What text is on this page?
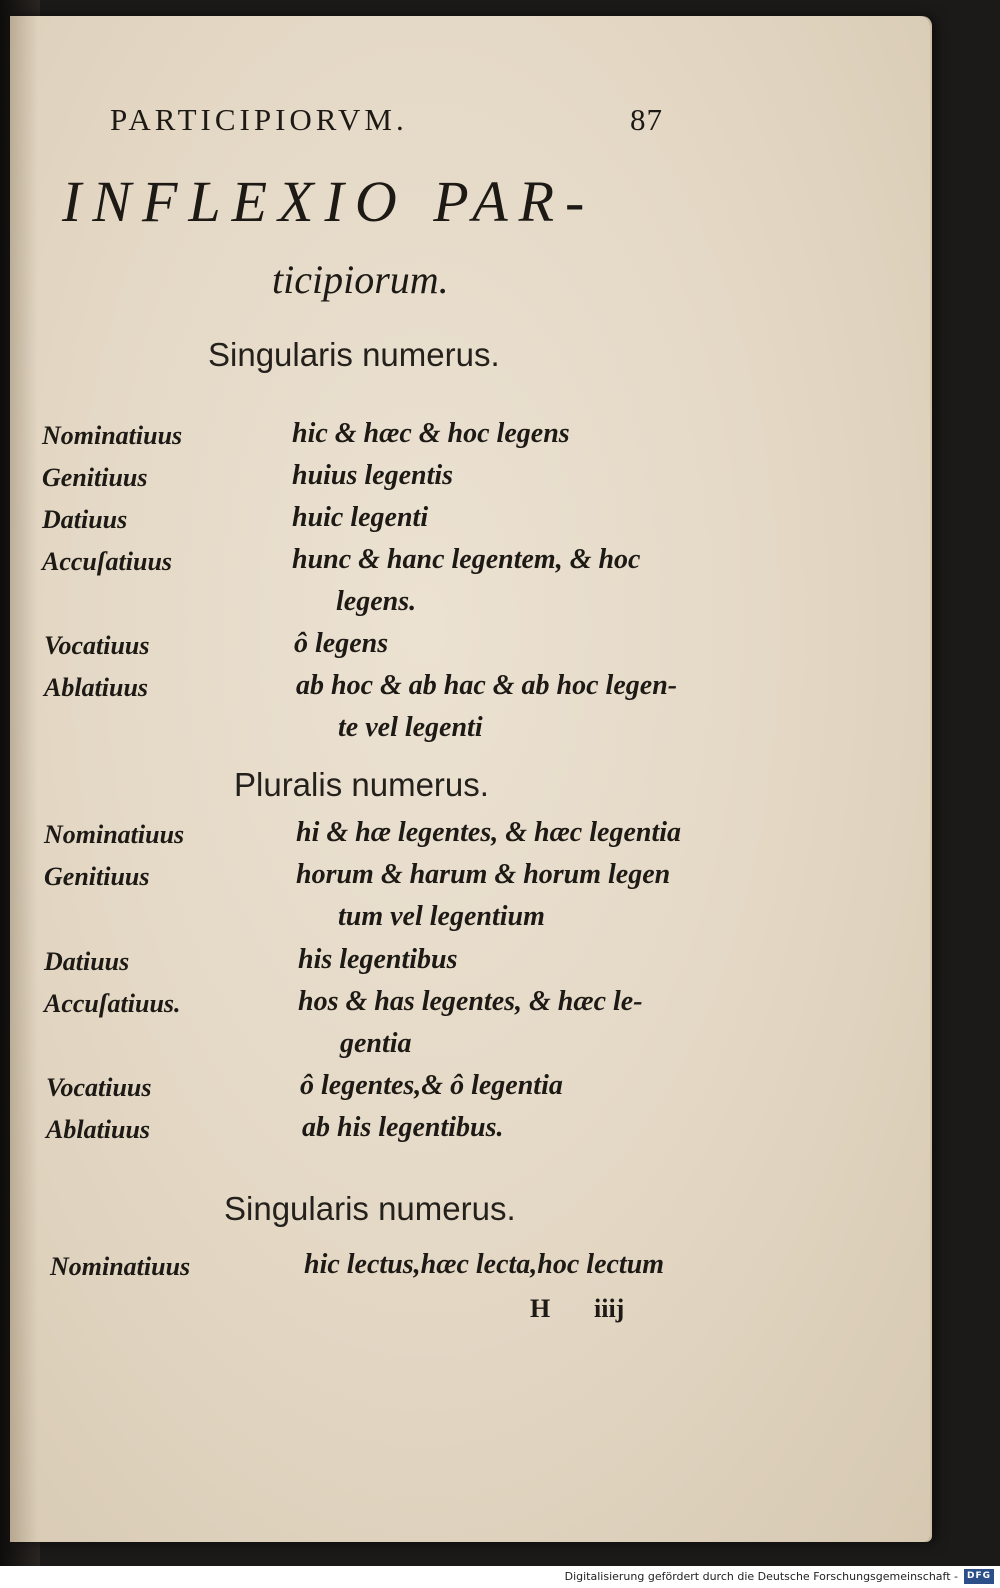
PARTICIPIORVM.	87
INFLEXIO PAR-
ticipiorum.
Singularis numerus.
Nominatiuus	hic & hæc & hoc legens
Genitiuus	huius legentis
Datiuus	huic legenti
Accuſatiuus	hunc & hanc legentem, & hoc
legens.
Vocatiuus	ô legens
Ablatiuus	ab hoc & ab hac & ab hoc legen-
te vel legenti
Pluralis numerus.
Nominatiuus	hi & hæ legentes, & hæc legentia
Genitiuus	horum & harum & horum legen
tum vel legentium
Datiuus	his legentibus
Accuſatiuus.	hos & has legentes, & hæc le-
gentia
Vocatiuus	ô legentes,& ô legentia
Ablatiuus	ab his legentibus.
Singularis numerus.
Nominatiuus	hic lectus,hæc lecta,hoc lectum
H iiij
Digitalisierung gefördert durch die Deutsche Forschungsgemeinschaft - DFG
